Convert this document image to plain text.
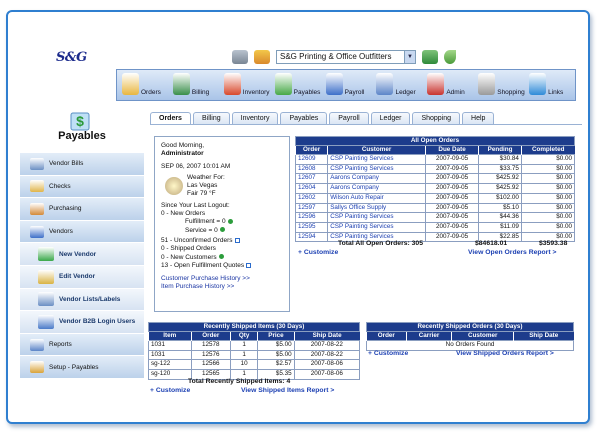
S&G	S&G Printing & Office Outfitters	▼
Orders	Billing	Inventory	Payables	Payroll	Ledger	Admin	Shopping	Links
$
Payables
Vendor Bills
Checks
Purchasing
Vendors
New Vendor
Edit Vendor
Vendor Lists/Labels
Vendor B2B Login Users
Reports
Setup - Payables
Orders	Billing	Inventory	Payables	Payroll	Ledger	Shopping	Help
Good Morning,
Administrator
SEP 06, 2007 10:01 AM
Weather For:
Las Vegas
Fair 79 °F
Since Your Last Logout:
0 - New Orders
Fulfillment = 0
Service = 0
51 - Unconfirmed Orders
0 - Shipped Orders
0 - New Customers
13 - Open Fulfillment Quotes
Customer Purchase History >>
Item Purchase History >>
All Open Orders				
Order	Customer	Due Date	Pending	Completed
12609	CSP Painting Services	2007-09-05	$30.84	$0.00
12608	CSP Painting Services	2007-09-05	$33.75	$0.00
12607	Aarons Company	2007-09-05	$425.92	$0.00
12604	Aarons Company	2007-09-05	$425.92	$0.00
12602	Wilson Auto Repair	2007-09-05	$102.00	$0.00
12597	Sallys Office Supply	2007-09-05	$5.10	$0.00
12596	CSP Painting Services	2007-09-05	$44.36	$0.00
12595	CSP Painting Services	2007-09-05	$11.09	$0.00
12594	CSP Painting Services	2007-09-05	$22.85	$0.00
Total All Open Orders: 305	$84618.01	$3593.38
+ Customize	View Open Orders Report >
Recently Shipped Items (30 Days)				
Item	Order	Qty	Price	Ship Date
1031	12578	1	$5.00	2007-08-22
1031	12576	1	$5.00	2007-08-22
sg-122	12566	10	$2.57	2007-08-06
sg-120	12565	1	$5.35	2007-08-06
Total Recently Shipped Items: 4
+ Customize	View Shipped Items Report >
Recently Shipped Orders (30 Days)
Order	Carrier	Customer	Ship Date
No Orders Found
+ Customize	View Shipped Orders Report >
